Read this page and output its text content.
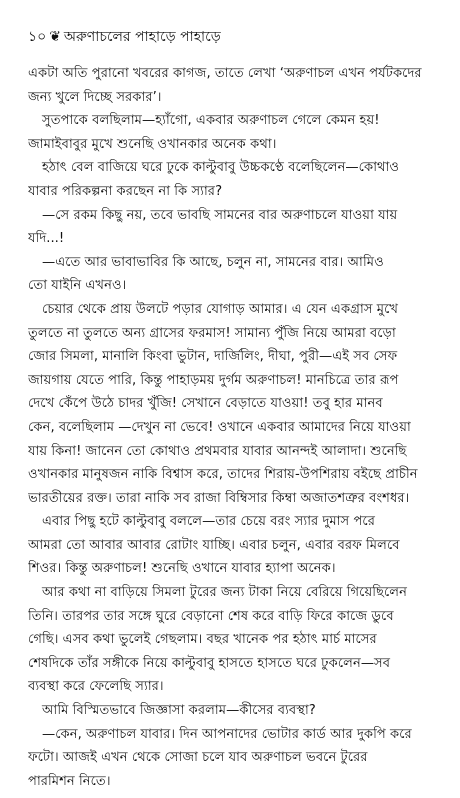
১০ ❦ অরুণাচলের পাহাড়ে পাহাড়ে
একটা অতি পুরানো খবরের কাগজ, তাতে লেখা ‘অরুণাচল এখন পর্যটকদের
জন্য খুলে দিচ্ছে সরকার’।
সুতপাকে বলছিলাম—হ্যাঁগো, একবার অরুণাচল গেলে কেমন হয়!
জামাইবাবুর মুখে শুনেছি ওখানকার অনেক কথা।
হঠাৎ বেল বাজিয়ে ঘরে ঢুকে কাল্টুবাবু উচ্চকণ্ঠে বলেছিলেন—কোথাও
যাবার পরিকল্পনা করছেন না কি স্যার?
—সে রকম কিছু নয়, তবে ভাবছি সামনের বার অরুণাচলে যাওয়া যায়
যদি...!
—এতে আর ভাবাভাবির কি আছে, চলুন না, সামনের বার। আমিও
তো যাইনি এখনও।
চেয়ার থেকে প্রায় উলটে পড়ার যোগাড় আমার। এ যেন একগ্রাস মুখে
তুলতে না তুলতে অন্য গ্রাসের ফরমাস! সামান্য পুঁজি নিয়ে আমরা বড়ো
জোর সিমলা, মানালি কিংবা ভুটান, দার্জিলিং, দীঘা, পুরী—এই সব সেফ
জায়গায় যেতে পারি, কিন্তু পাহাড়ময় দুর্গম অরুণাচল! মানচিত্রে তার রূপ
দেখে কেঁপে উঠে চাদর খুঁজি! সেখানে বেড়াতে যাওয়া! তবু হার মানব
কেন, বলেছিলাম —দেখুন না ভেবে! ওখানে একবার আমাদের নিয়ে যাওয়া
যায় কিনা! জানেন তো কোথাও প্রথমবার যাবার আনন্দই আলাদা। শুনেছি
ওখানকার মানুষজন নাকি বিশ্বাস করে, তাদের শিরায়-উপশিরায় বইছে প্রাচীন
ভারতীয়ের রক্ত। তারা নাকি সব রাজা বিম্বিসার কিম্বা অজাতশত্রুর বংশধর।
এবার পিছু হটে কাল্টুবাবু বললে—তার চেয়ে বরং স্যার দুমাস পরে
আমরা তো আবার আবার রোটাং যাচ্ছি। এবার চলুন, এবার বরফ মিলবে
শিওর। কিন্তু অরুণাচল! শুনেছি ওখানে যাবার হ্যাপা অনেক।
আর কথা না বাড়িয়ে সিমলা টুরের জন্য টাকা নিয়ে বেরিয়ে গিয়েছিলেন
তিনি। তারপর তার সঙ্গে ঘুরে বেড়ানো শেষ করে বাড়ি ফিরে কাজে ডুবে
গেছি। এসব কথা ভুলেই গেছলাম। বছর খানেক পর হঠাৎ মার্চ মাসের
শেষদিকে তাঁর সঙ্গীকে নিয়ে কাল্টুবাবু হাসতে হাসতে ঘরে ঢুকলেন—সব
ব্যবস্থা করে ফেলেছি স্যার।
আমি বিস্মিতভাবে জিজ্ঞাসা করলাম—কীসের ব্যবস্থা?
—কেন, অরুণাচল যাবার। দিন আপনাদের ভোটার কার্ড আর দুকপি করে
ফটো। আজই এখন থেকে সোজা চলে যাব অরুণাচল ভবনে টুরের
পারমিশন নিতে।
